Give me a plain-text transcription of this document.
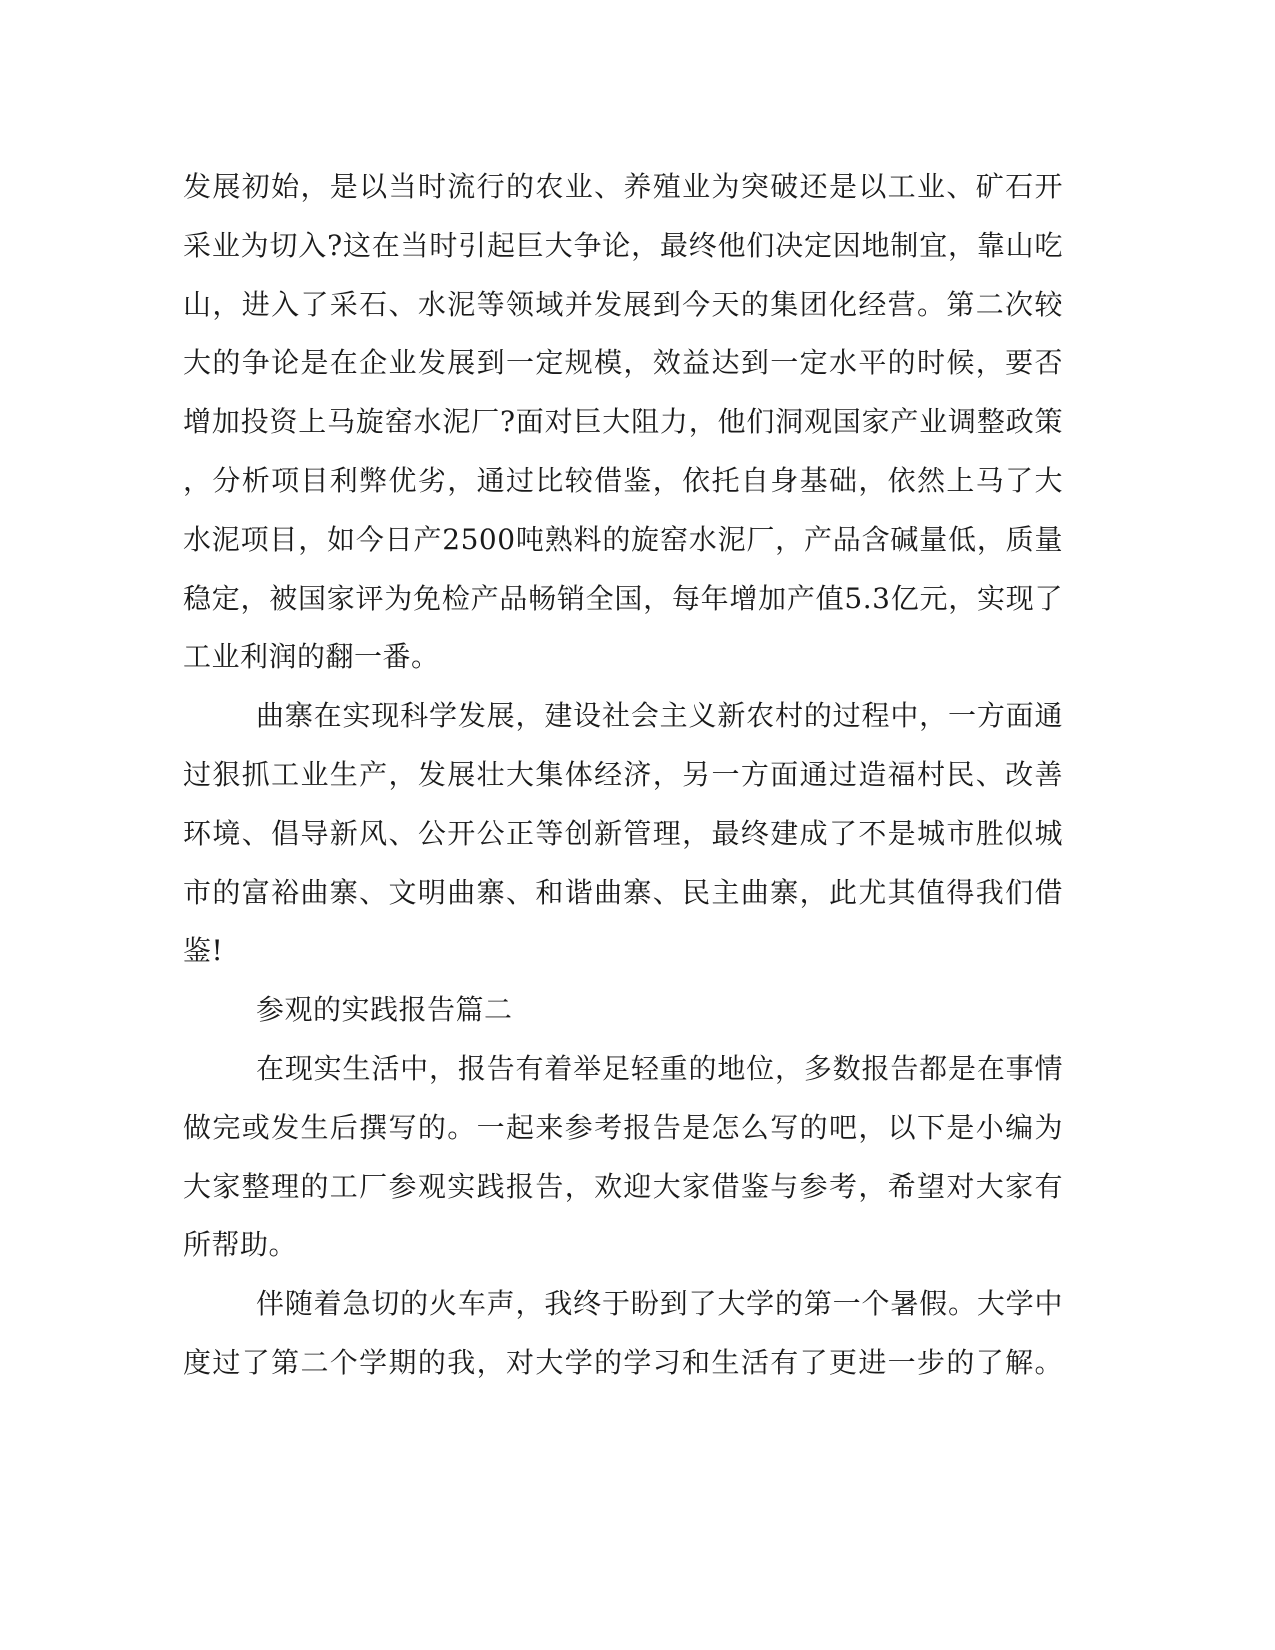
发展初始，是以当时流行的农业、养殖业为突破还是以工业、矿石开
采业为切入?这在当时引起巨大争论，最终他们决定因地制宜，靠山吃
山，进入了采石、水泥等领域并发展到今天的集团化经营。第二次较
大的争论是在企业发展到一定规模，效益达到一定水平的时候，要否
增加投资上马旋窑水泥厂?面对巨大阻力，他们洞观国家产业调整政策
，分析项目利弊优劣，通过比较借鉴，依托自身基础，依然上马了大
水泥项目，如今日产2500吨熟料的旋窑水泥厂，产品含碱量低，质量
稳定，被国家评为免检产品畅销全国，每年增加产值5.3亿元，实现了
工业利润的翻一番。
曲寨在实现科学发展，建设社会主义新农村的过程中，一方面通
过狠抓工业生产，发展壮大集体经济，另一方面通过造福村民、改善
环境、倡导新风、公开公正等创新管理，最终建成了不是城市胜似城
市的富裕曲寨、文明曲寨、和谐曲寨、民主曲寨，此尤其值得我们借
鉴!
参观的实践报告篇二
在现实生活中，报告有着举足轻重的地位，多数报告都是在事情
做完或发生后撰写的。一起来参考报告是怎么写的吧，以下是小编为
大家整理的工厂参观实践报告，欢迎大家借鉴与参考，希望对大家有
所帮助。
伴随着急切的火车声，我终于盼到了大学的第一个暑假。大学中
度过了第二个学期的我，对大学的学习和生活有了更进一步的了解。
